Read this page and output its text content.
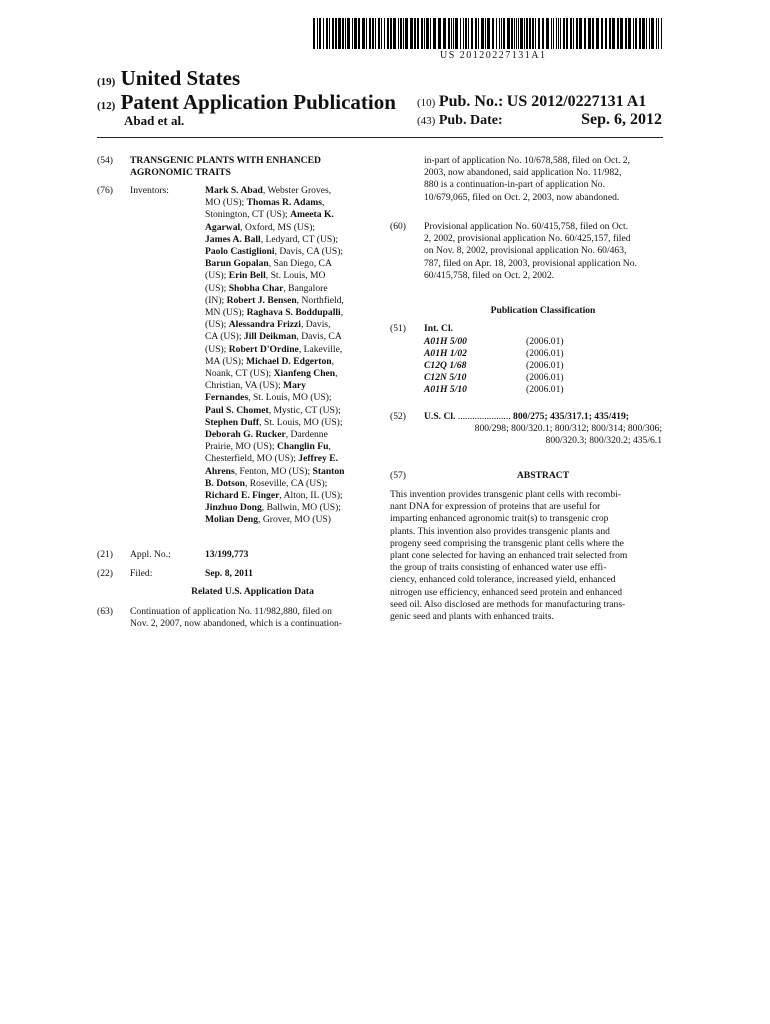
US 20120227131A1
(19) United States
(12) Patent Application Publication
Abad et al.
(10) Pub. No.: US 2012/0227131 A1
(43) Pub. Date:	Sep. 6, 2012
(54) TRANSGENIC PLANTS WITH ENHANCED
AGRONOMIC TRAITS
(76) Inventors:	Mark S. Abad, Webster Groves,
MO (US); Thomas R. Adams,
Stonington, CT (US); Ameeta K.
Agarwal, Oxford, MS (US);
James A. Ball, Ledyard, CT (US);
Paolo Castiglioni, Davis, CA (US);
Barun Gopalan, San Diego, CA
(US); Erin Bell, St. Louis, MO
(US); Shobha Char, Bangalore
(IN); Robert J. Bensen, Northfield,
MN (US); Raghava S. Boddupalli,
(US); Alessandra Frizzi, Davis,
CA (US); Jill Deikman, Davis, CA
(US); Robert D'Ordine, Lakeville,
MA (US); Michael D. Edgerton,
Noank, CT (US); Xianfeng Chen,
Christian, VA (US); Mary
Fernandes, St. Louis, MO (US);
Paul S. Chomet, Mystic, CT (US);
Stephen Duff, St. Louis, MO (US);
Deborah G. Rucker, Dardenne
Prairie, MO (US); Changlin Fu,
Chesterfield, MO (US); Jeffrey E.
Ahrens, Fenton, MO (US); Stanton
B. Dotson, Roseville, CA (US);
Richard E. Finger, Alton, IL (US);
Jinzhuo Dong, Ballwin, MO (US);
Molian Deng, Grover, MO (US)
(21) Appl. No.:	13/199,773
(22) Filed:	Sep. 8, 2011
Related U.S. Application Data
(63) Continuation of application No. 11/982,880, filed on
Nov. 2, 2007, now abandoned, which is a continuation-
in-part of application No. 10/678,588, filed on Oct. 2,
2003, now abandoned, said application No. 11/982,
880 is a continuation-in-part of application No.
10/679,065, filed on Oct. 2, 2003, now abandoned.
(60) Provisional application No. 60/415,758, filed on Oct.
2, 2002, provisional application No. 60/425,157, filed
on Nov. 8, 2002, provisional application No. 60/463,
787, filed on Apr. 18, 2003, provisional application No.
60/415,758, filed on Oct. 2, 2002.
Publication Classification
(51) Int. Cl.
A01H 5/00	(2006.01)
A01H 1/02	(2006.01)
C12Q 1/68	(2006.01)
C12N 5/10	(2006.01)
A01H 5/10	(2006.01)
(52) U.S. Cl. ...................... 800/275; 435/317.1; 435/419;
800/298; 800/320.1; 800/312; 800/314; 800/306;
800/320.3; 800/320.2; 435/6.1
(57)	ABSTRACT
This invention provides transgenic plant cells with recombi-
nant DNA for expression of proteins that are useful for
imparting enhanced agronomic trait(s) to transgenic crop
plants. This invention also provides transgenic plants and
progeny seed comprising the transgenic plant cells where the
plant cone selected for having an enhanced trait selected from
the group of traits consisting of enhanced water use effi-
ciency, enhanced cold tolerance, increased yield, enhanced
nitrogen use efficiency, enhanced seed protein and enhanced
seed oil. Also disclosed are methods for manufacturing trans-
genic seed and plants with enhanced traits.
